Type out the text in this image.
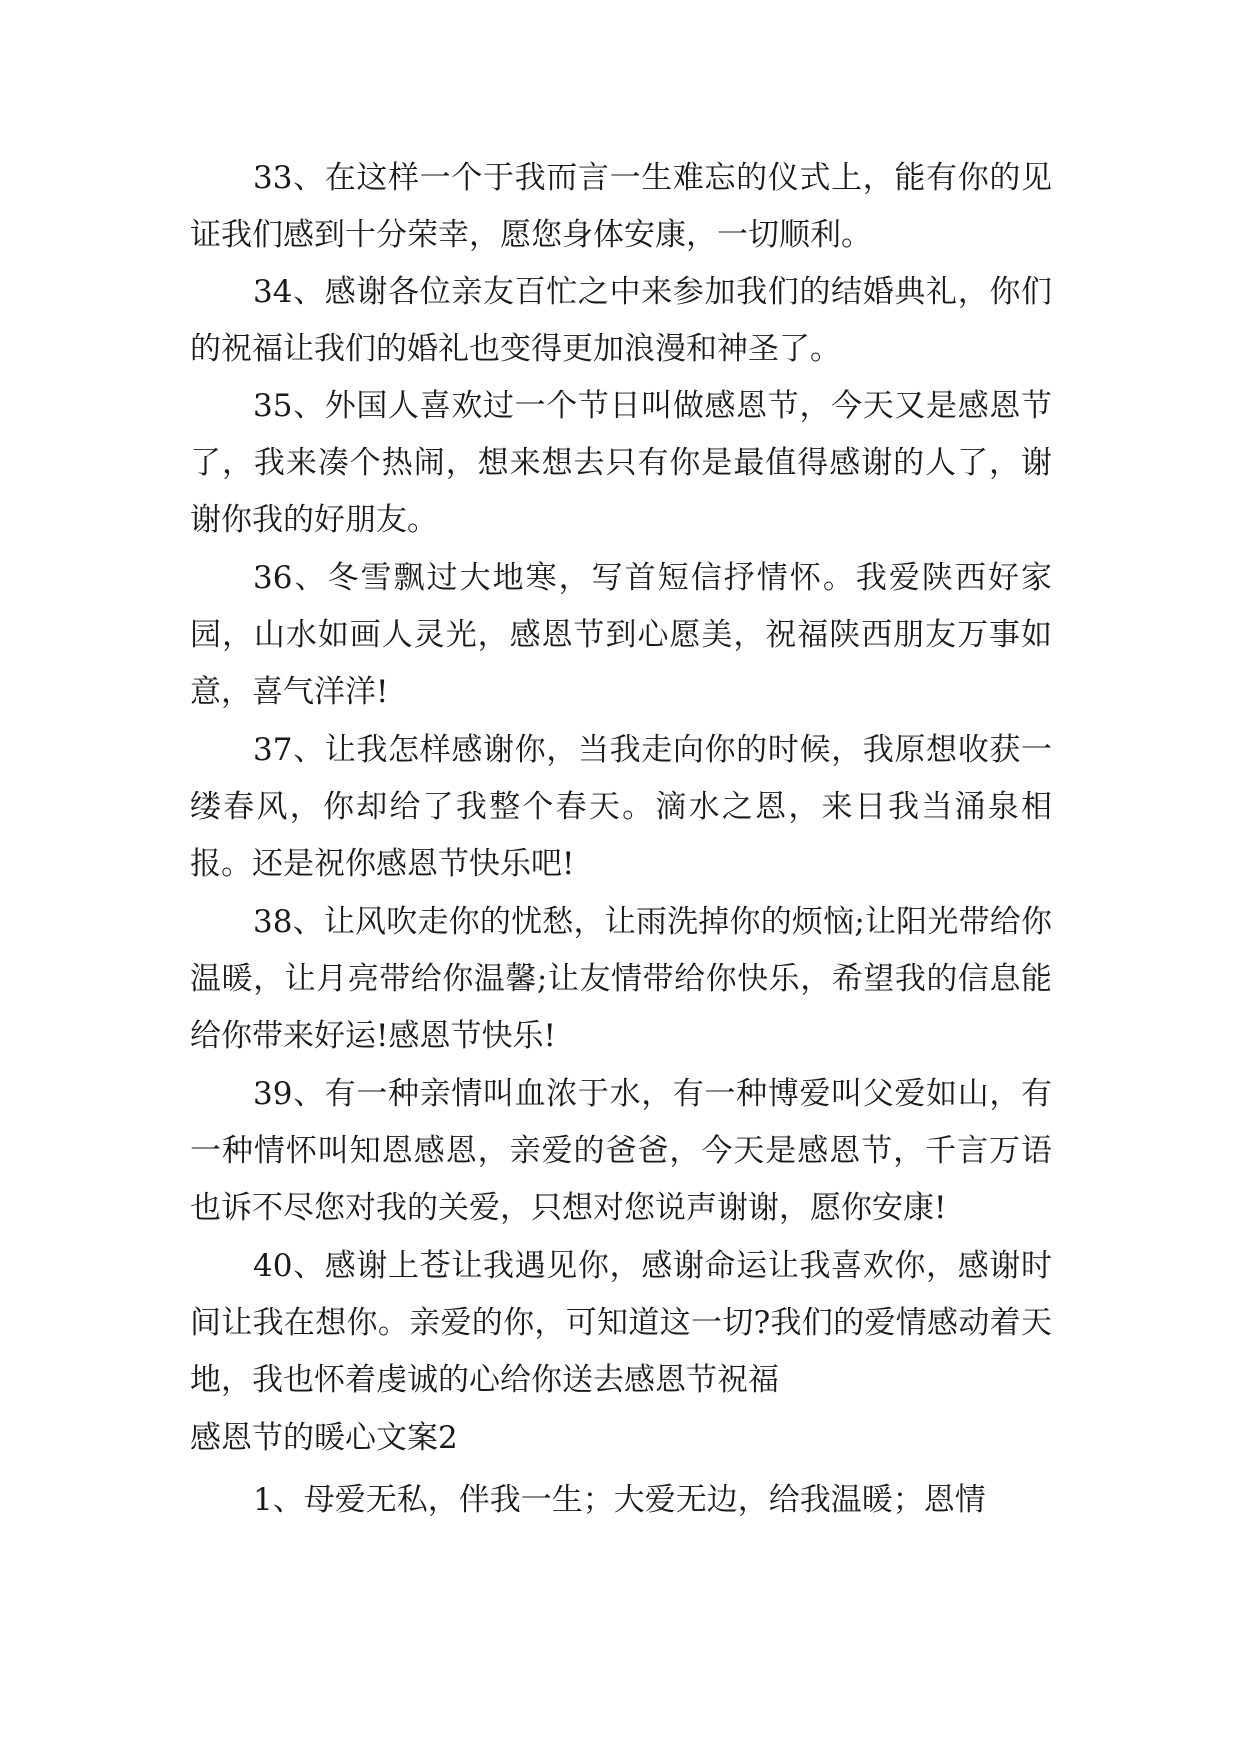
33、在这样一个于我而言一生难忘的仪式上，能有你的见证我们感到十分荣幸，愿您身体安康，一切顺利。

34、感谢各位亲友百忙之中来参加我们的结婚典礼，你们的祝福让我们的婚礼也变得更加浪漫和神圣了。

35、外国人喜欢过一个节日叫做感恩节，今天又是感恩节了，我来凑个热闹，想来想去只有你是最值得感谢的人了，谢谢你我的好朋友。

36、冬雪飘过大地寒，写首短信抒情怀。我爱陕西好家园，山水如画人灵光，感恩节到心愿美，祝福陕西朋友万事如意，喜气洋洋!

37、让我怎样感谢你，当我走向你的时候，我原想收获一缕春风，你却给了我整个春天。滴水之恩，来日我当涌泉相报。还是祝你感恩节快乐吧!

38、让风吹走你的忧愁，让雨洗掉你的烦恼;让阳光带给你温暖，让月亮带给你温馨;让友情带给你快乐，希望我的信息能给你带来好运!感恩节快乐!

39、有一种亲情叫血浓于水，有一种博爱叫父爱如山，有一种情怀叫知恩感恩，亲爱的爸爸，今天是感恩节，千言万语也诉不尽您对我的关爱，只想对您说声谢谢，愿你安康!

40、感谢上苍让我遇见你，感谢命运让我喜欢你，感谢时间让我在想你。亲爱的你，可知道这一切?我们的爱情感动着天地，我也怀着虔诚的心给你送去感恩节祝福

感恩节的暖心文案2

1、母爱无私，伴我一生；大爱无边，给我温暖；恩情
